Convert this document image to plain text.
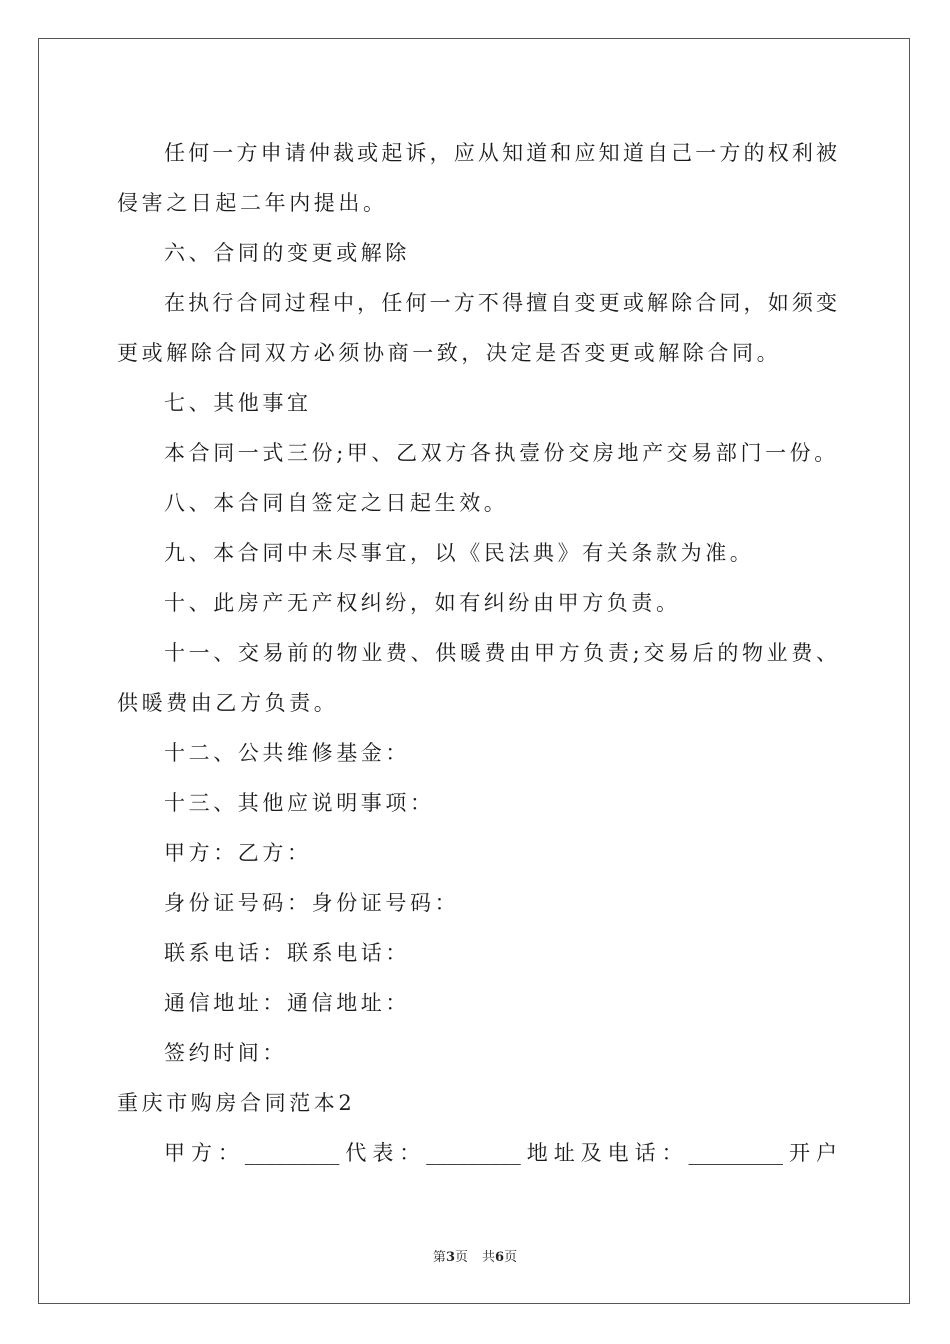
任何一方申请仲裁或起诉，应从知道和应知道自己一方的权利被
侵害之日起二年内提出。
六、合同的变更或解除
在执行合同过程中，任何一方不得擅自变更或解除合同，如须变
更或解除合同双方必须协商一致，决定是否变更或解除合同。
七、其他事宜
本合同一式三份;甲、乙双方各执壹份交房地产交易部门一份。
八、本合同自签定之日起生效。
九、本合同中未尽事宜，以《民法典》有关条款为准。
十、此房产无产权纠纷，如有纠纷由甲方负责。
十一、交易前的物业费、供暖费由甲方负责;交易后的物业费、
供暖费由乙方负责。
十二、公共维修基金：
十三、其他应说明事项：
甲方：乙方：
身份证号码：身份证号码：
联系电话：联系电话：
通信地址：通信地址：
签约时间：
重庆市购房合同范本2
甲方：_________代表：_________地址及电话：_________开户
第3页 共6页
